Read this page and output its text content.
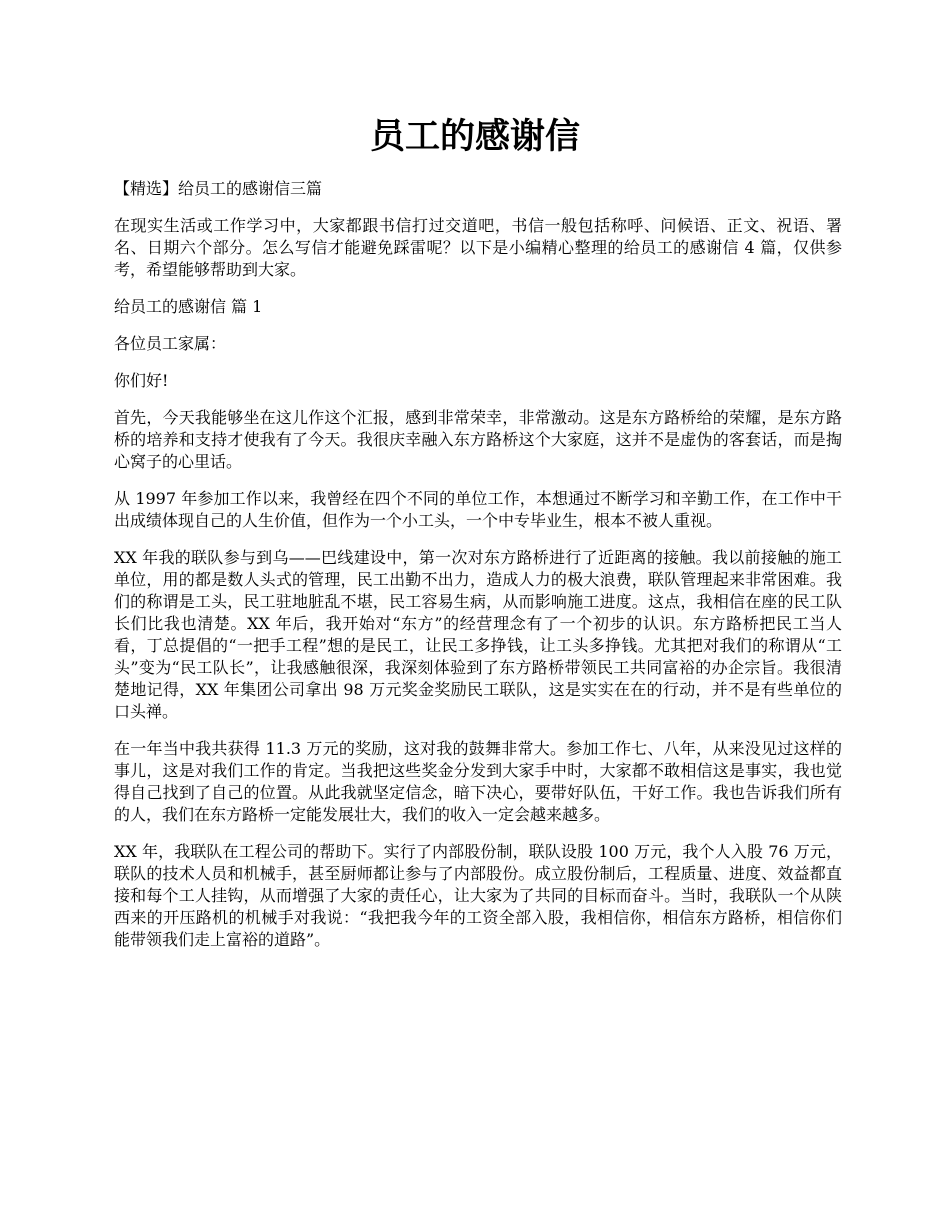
员工的感谢信

【精选】给员工的感谢信三篇

在现实生活或工作学习中，大家都跟书信打过交道吧，书信一般包括称呼、问候语、正文、祝语、署名、日期六个部分。怎么写信才能避免踩雷呢？以下是小编精心整理的给员工的感谢信 4 篇，仅供参考，希望能够帮助到大家。

给员工的感谢信 篇 1

各位员工家属：

你们好!

首先，今天我能够坐在这儿作这个汇报，感到非常荣幸，非常激动。这是东方路桥给的荣耀，是东方路桥的培养和支持才使我有了今天。我很庆幸融入东方路桥这个大家庭，这并不是虚伪的客套话，而是掏心窝子的心里话。

从 1997 年参加工作以来，我曾经在四个不同的单位工作，本想通过不断学习和辛勤工作，在工作中干出成绩体现自己的人生价值，但作为一个小工头，一个中专毕业生，根本不被人重视。

XX 年我的联队参与到乌——巴线建设中，第一次对东方路桥进行了近距离的接触。我以前接触的施工单位，用的都是数人头式的管理，民工出勤不出力，造成人力的极大浪费，联队管理起来非常困难。我们的称谓是工头，民工驻地脏乱不堪，民工容易生病，从而影响施工进度。这点，我相信在座的民工队长们比我也清楚。XX 年后，我开始对“东方”的经营理念有了一个初步的认识。东方路桥把民工当人看，丁总提倡的“一把手工程”想的是民工，让民工多挣钱，让工头多挣钱。尤其把对我们的称谓从“工头”变为“民工队长”，让我感触很深，我深刻体验到了东方路桥带领民工共同富裕的办企宗旨。我很清楚地记得，XX 年集团公司拿出 98 万元奖金奖励民工联队，这是实实在在的行动，并不是有些单位的口头禅。

在一年当中我共获得 11.3 万元的奖励，这对我的鼓舞非常大。参加工作七、八年，从来没见过这样的事儿，这是对我们工作的肯定。当我把这些奖金分发到大家手中时，大家都不敢相信这是事实，我也觉得自己找到了自己的位置。从此我就坚定信念，暗下决心，要带好队伍，干好工作。我也告诉我们所有的人，我们在东方路桥一定能发展壮大，我们的收入一定会越来越多。

XX 年，我联队在工程公司的帮助下。实行了内部股份制，联队设股 100 万元，我个人入股 76 万元，联队的技术人员和机械手，甚至厨师都让参与了内部股份。成立股份制后，工程质量、进度、效益都直接和每个工人挂钩，从而增强了大家的责任心，让大家为了共同的目标而奋斗。当时，我联队一个从陕西来的开压路机的机械手对我说：“我把我今年的工资全部入股，我相信你，相信东方路桥，相信你们能带领我们走上富裕的道路”。
